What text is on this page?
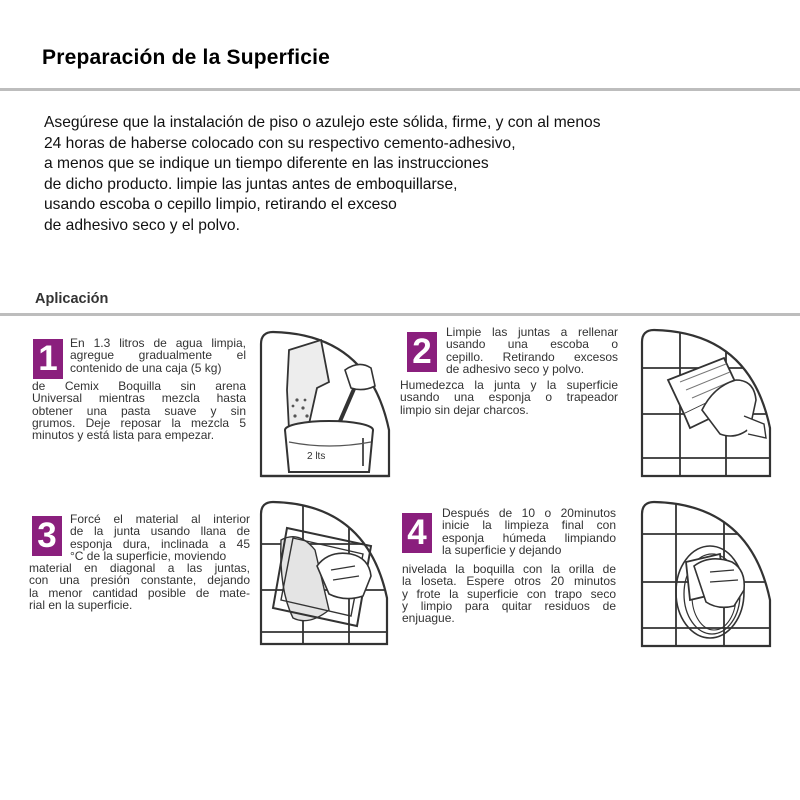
Preparación de la Superficie
Asegúrese que la instalación de piso o azulejo este sólida, firme, y con al menos
24 horas de haberse colocado con su respectivo cemento-adhesivo,
a menos que se indique un tiempo diferente en las instrucciones
de dicho producto. limpie las juntas antes de emboquillarse,
usando escoba o cepillo limpio, retirando el exceso
de adhesivo seco y el polvo.
Aplicación
1	En 1.3 litros de agua limpia,
agregue gradualmente el
contenido de una caja (5 kg)
de Cemix Boquilla sin arena
Universal mientras mezcla hasta
obtener una pasta suave y sin
grumos. Deje reposar la mezcla 5
minutos y está lista para empezar.
2 lts
2	Limpie las juntas a rellenar
usando una escoba o
cepillo. Retirando excesos
de adhesivo seco y polvo.
Humedezca la junta y la superficie
usando una esponja o trapeador
limpio sin dejar charcos.
3	Forcé el material al interior
de la junta usando llana de
esponja dura, inclinada a 45
°C de la superficie, moviendo
material en diagonal a las juntas,
con una presión constante, dejando
la menor cantidad posible de mate-
rial en la superficie.
4	Después de 10 o 20minutos
inicie la limpieza final con
esponja húmeda limpiando
la superficie y dejando
nivelada la boquilla con la orilla de
la loseta. Espere otros 20 minutos
y frote la superficie con trapo seco
y limpio para quitar residuos de
enjuague.
